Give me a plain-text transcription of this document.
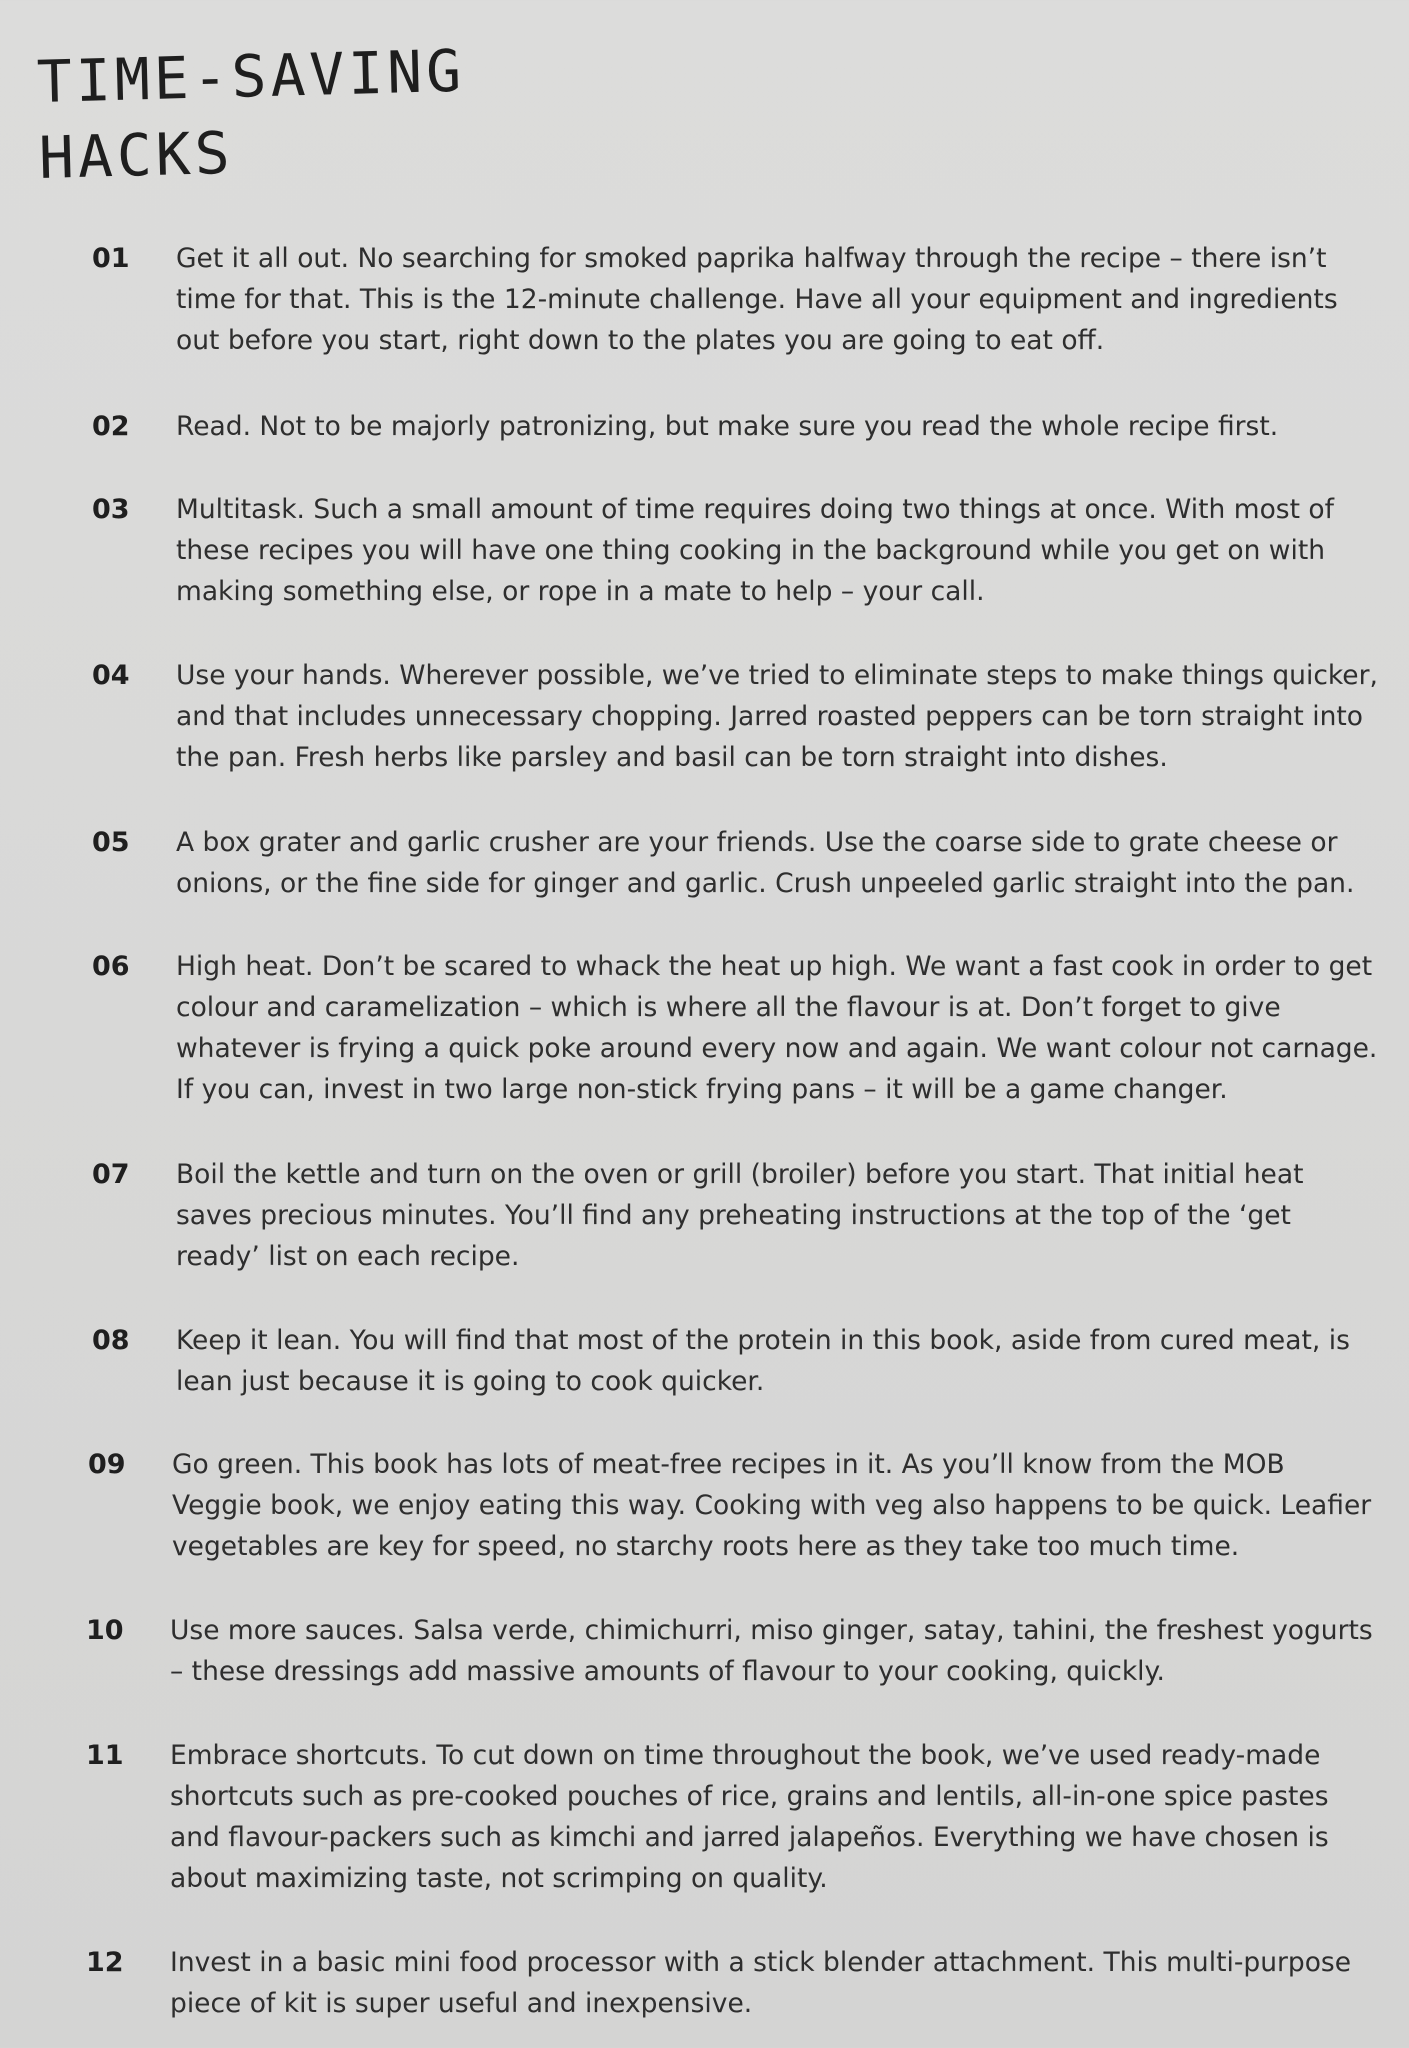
TIME-SAVING
HACKS
01	Get it all out. No searching for smoked paprika halfway through the recipe – there isn’t time for that. This is the 12-minute challenge. Have all your equipment and ingredients out before you start, right down to the plates you are going to eat off.
02	Read. Not to be majorly patronizing, but make sure you read the whole recipe first.
03	Multitask. Such a small amount of time requires doing two things at once. With most of these recipes you will have one thing cooking in the background while you get on with making something else, or rope in a mate to help – your call.
04	Use your hands. Wherever possible, we’ve tried to eliminate steps to make things quicker, and that includes unnecessary chopping. Jarred roasted peppers can be torn straight into the pan. Fresh herbs like parsley and basil can be torn straight into dishes.
05	A box grater and garlic crusher are your friends. Use the coarse side to grate cheese or onions, or the fine side for ginger and garlic. Crush unpeeled garlic straight into the pan.
06	High heat. Don’t be scared to whack the heat up high. We want a fast cook in order to get colour and caramelization – which is where all the flavour is at. Don’t forget to give whatever is frying a quick poke around every now and again. We want colour not carnage. If you can, invest in two large non-stick frying pans – it will be a game changer.
07	Boil the kettle and turn on the oven or grill (broiler) before you start. That initial heat saves precious minutes. You’ll find any preheating instructions at the top of the ‘get ready’ list on each recipe.
08	Keep it lean. You will find that most of the protein in this book, aside from cured meat, is lean just because it is going to cook quicker.
09	Go green. This book has lots of meat-free recipes in it. As you’ll know from the MOB Veggie book, we enjoy eating this way. Cooking with veg also happens to be quick. Leafier vegetables are key for speed, no starchy roots here as they take too much time.
10	Use more sauces. Salsa verde, chimichurri, miso ginger, satay, tahini, the freshest yogurts – these dressings add massive amounts of flavour to your cooking, quickly.
11	Embrace shortcuts. To cut down on time throughout the book, we’ve used ready-made shortcuts such as pre-cooked pouches of rice, grains and lentils, all-in-one spice pastes and flavour-packers such as kimchi and jarred jalapeños. Everything we have chosen is about maximizing taste, not scrimping on quality.
12	Invest in a basic mini food processor with a stick blender attachment. This multi-purpose piece of kit is super useful and inexpensive.
